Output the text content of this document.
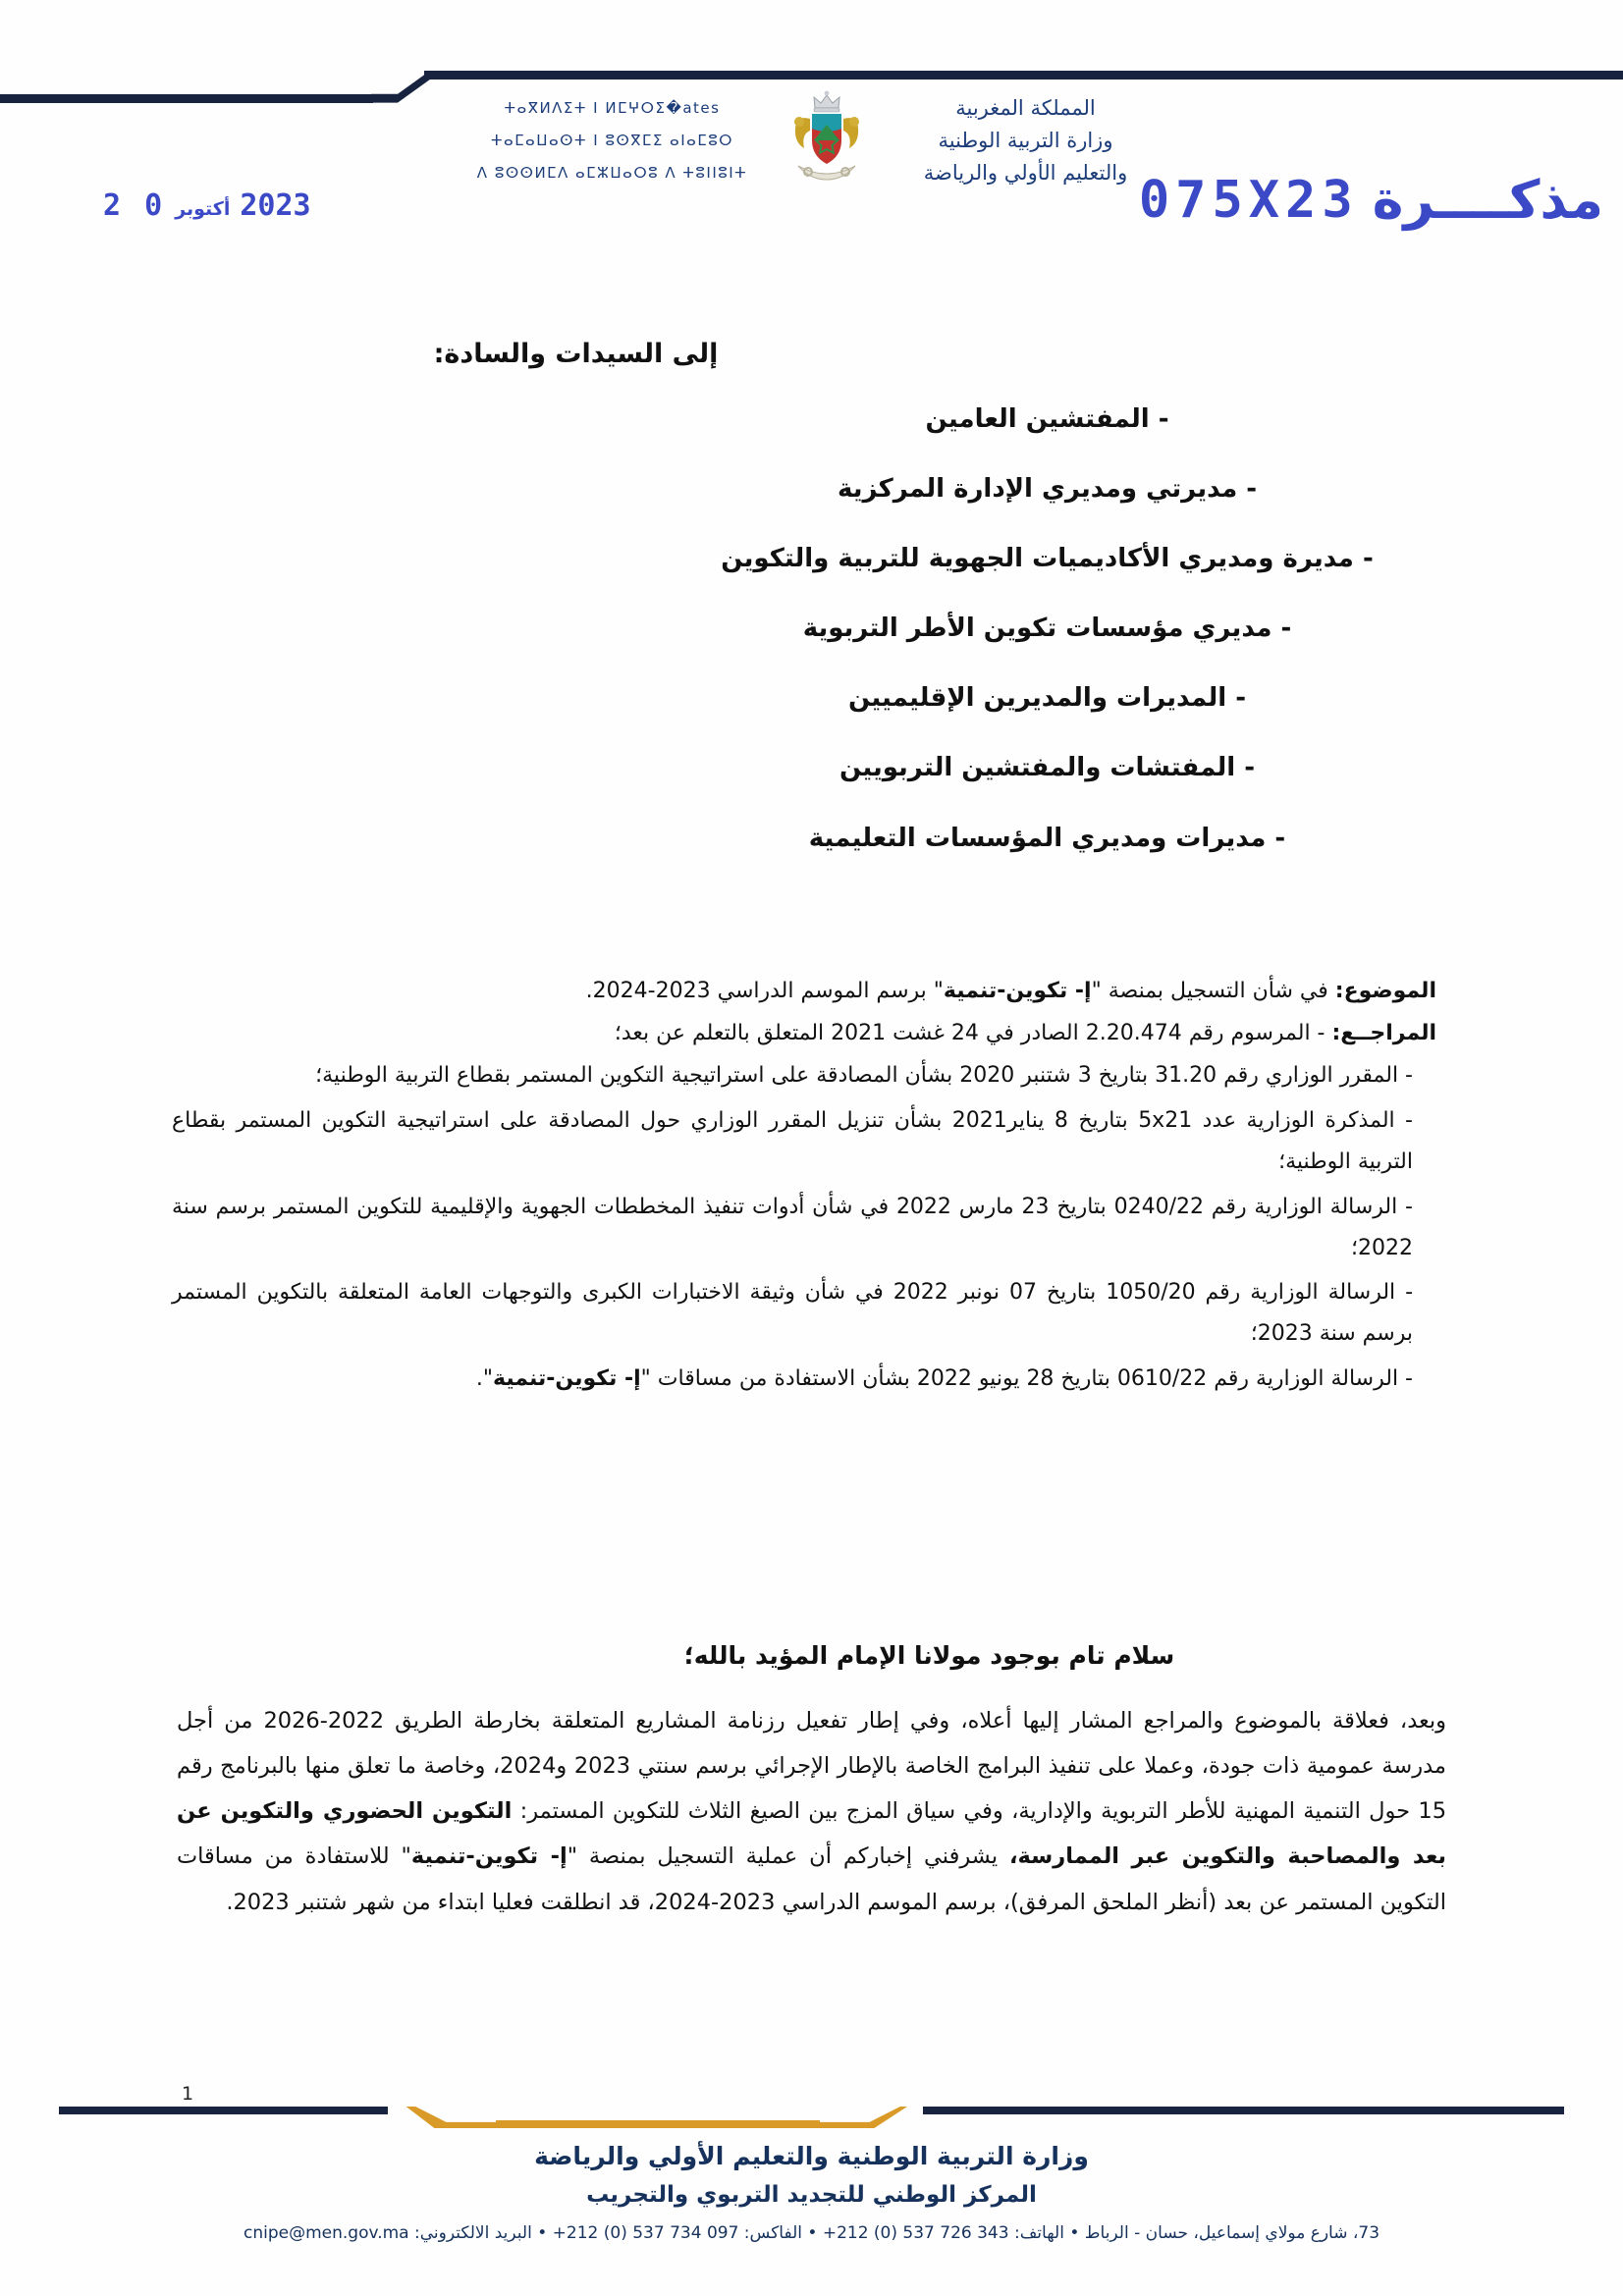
المملكة المغربية
وزارة التربية الوطنية
والتعليم الأولي والرياضة
ⵜⴰⴳⵍⴷⵉⵜ ⵏ ⵍⵎⵖⵔⵉ�ates
ⵜⴰⵎⴰⵡⴰⵙⵜ ⵏ ⵓⵙⴳⵎⵉ ⴰⵏⴰⵎⵓⵔ
ⴷ ⵓⵙⵙⵍⵎⴷ ⴰⵎⵣⵡⴰⵔⵓ ⴷ ⵜⵓⵏⵏⵓⵏⵜ	مذكــــرة
075X23
2023
أكتوبر
0 2
إلى السيدات والسادة:
- المفتشين العامين
- مديرتي ومديري الإدارة المركزية
- مديرة ومديري الأكاديميات الجهوية للتربية والتكوين
- مديري مؤسسات تكوين الأطر التربوية
- المديرات والمديرين الإقليميين
- المفتشات والمفتشين التربويين
- مديرات ومديري المؤسسات التعليمية
الموضوع: في شأن التسجيل بمنصة "إ- تكوين-تنمية" برسم الموسم الدراسي 2023-2024.
المراجــع: - المرسوم رقم 2.20.474 الصادر في 24 غشت 2021 المتعلق بالتعلم عن بعد؛
- المقرر الوزاري رقم 31.20 بتاريخ 3 شتنبر 2020 بشأن المصادقة على استراتيجية التكوين المستمر بقطاع التربية الوطنية؛
- المذكرة الوزارية عدد 5x21 بتاريخ 8 يناير2021 بشأن تنزيل المقرر الوزاري حول المصادقة على استراتيجية التكوين المستمر بقطاع التربية الوطنية؛
- الرسالة الوزارية رقم 0240/22 بتاريخ 23 مارس 2022 في شأن أدوات تنفيذ المخططات الجهوية والإقليمية للتكوين المستمر برسم سنة 2022؛
- الرسالة الوزارية رقم 1050/20 بتاريخ 07 نونبر 2022 في شأن وثيقة الاختبارات الكبرى والتوجهات العامة المتعلقة بالتكوين المستمر برسم سنة 2023؛
- الرسالة الوزارية رقم 0610/22 بتاريخ 28 يونيو 2022 بشأن الاستفادة من مساقات "إ- تكوين-تنمية".
سلام تام بوجود مولانا الإمام المؤيد بالله؛

وبعد، فعلاقة بالموضوع والمراجع المشار إليها أعلاه، وفي إطار تفعيل رزنامة المشاريع المتعلقة بخارطة الطريق 2022-2026 من أجل مدرسة عمومية ذات جودة، وعملا على تنفيذ البرامج الخاصة بالإطار الإجرائي برسم سنتي 2023 و2024، وخاصة ما تعلق منها بالبرنامج رقم 15 حول التنمية المهنية للأطر التربوية والإدارية، وفي سياق المزج بين الصيغ الثلاث للتكوين المستمر: التكوين الحضوري والتكوين عن بعد والمصاحبة والتكوين عبر الممارسة، يشرفني إخباركم أن عملية التسجيل بمنصة "إ- تكوين-تنمية" للاستفادة من مساقات التكوين المستمر عن بعد (أنظر الملحق المرفق)، برسم الموسم الدراسي 2023-2024، قد انطلقت فعليا ابتداء من شهر شتنبر 2023.

1
وزارة التربية الوطنية والتعليم الأولي والرياضة
المركز الوطني للتجديد التربوي والتجريب
73، شارع مولاي إسماعيل، حسان - الرباط • الهاتف: +212 (0) 537 726 343 • الفاكس: +212 (0) 537 734 097 • البريد الالكتروني: cnipe@men.gov.ma
